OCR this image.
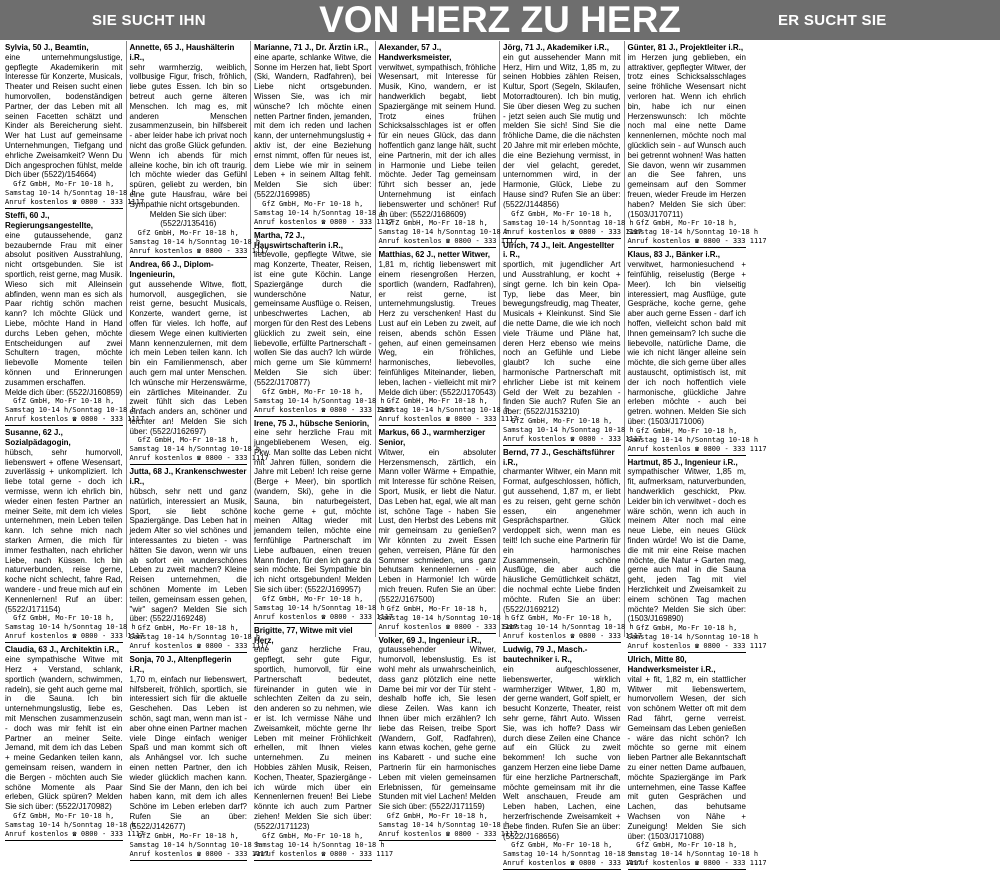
SIE SUCHT IHN	VON HERZ ZU HERZ	ER SUCHT SIE
Sylvia, 50 J., Beamtin,
eine unternehmungslustige, gepflegte Akademikerin mit Interesse für Konzerte, Musicals, Theater und Reisen sucht einen humorvollen, bodenständigen Partner, der das Leben mit all seinen Facetten schätzt und Kinder als Bereicherung sieht. Wer hat Lust auf gemeinsame Unternehmungen, Tiefgang und ehrliche Zweisamkeit? Wenn Du Dich angesprochen fühlst, melde Dich über (5522)/154664)
GfZ GmbH, Mo-Fr 10-18 h,
Samstag 10-14 h/Sonntag 10-18 h
Anruf kostenlos ☎ 0800 - 333 1117
Steffi, 60 J., Regierungsangestellte,
eine gutaussehende, ganz bezaubernde Frau mit einer absolut positiven Ausstrahlung, nicht ortsgebunden. Sie ist sportlich, reist gerne, mag Musik. Wieso sich mit Alleinsein abfinden, wenn man es sich als Paar richtig schön machen kann? Ich möchte Glück und Liebe, möchte Hand in Hand durchs Leben gehen, möchte Entscheidungen auf zwei Schultern tragen, möchte liebevolle Momente teilen können und Erinnerungen zusammen erschaffen.
Melde dich über: (5522/J160859)
GfZ GmbH, Mo-Fr 10-18 h,
Samstag 10-14 h/Sonntag 10-18 h
Anruf kostenlos ☎ 0800 - 333 1117
Susanne, 62 J., Sozialpädagogin,
hübsch, sehr humorvoll, liebenswert + offene Wesensart, zuverlässig + unkompliziert. Ich liebe total gerne - doch ich vermisse, wenn ich ehrlich bin, wieder einen festen Partner an meiner Seite, mit dem ich vieles unternehmen, mein Leben teilen kann. Ich sehne mich nach starken Armen, die mich für immer festhalten, nach ehrlicher Liebe, nach Küssen. Ich bin naturverbunden, reise gerne, koche nicht schlecht, fahre Rad, wandere - und freue mich auf ein Kennenlernen! Ruf an über: (5522/J171154)
GfZ GmbH, Mo-Fr 10-18 h,
Samstag 10-14 h/Sonntag 10-18 h
Anruf kostenlos ☎ 0800 - 333 1117
Claudia, 63 J., Architektin i.R.,
eine sympathische Witwe mit Herz + Verstand, schlank, sportlich (wandern, schwimmen, radeln), sie geht auch gerne mal in die Sauna. Ich bin unternehmungslustig, liebe es, mit Menschen zusammenzusein - doch was mir fehlt ist ein Partner an meiner Seite. Jemand, mit dem ich das Leben + meine Gedanken teilen kann, gemeinsam reisen, wandern in die Bergen - möchten auch Sie schöne Momente als Paar erleben, Glück spüren? Melden Sie sich über: (5522/J170982)
GfZ GmbH, Mo-Fr 10-18 h,
Samstag 10-14 h/Sonntag 10-18 h
Anruf kostenlos ☎ 0800 - 333 1117
Annette, 65 J., Haushälterin i.R.,
sehr warmherzig, weiblich, vollbusige Figur, frisch, fröhlich, liebe gutes Essen. Ich bin so betreut auch gerne älteren Menschen. Ich mag es, mit anderen Menschen zusammenzusein, bin hilfsbereit - aber leider habe ich privat noch nicht das große Glück gefunden. Wenn ich abends für mich alleine koche, bin ich oft traurig. Ich möchte wieder das Gefühl spüren, geliebt zu werden, bin eine gute Hausfrau, wäre bei Sympathie nicht ortsgebunden.
Melden Sie sich über: (5522/J135416)
GfZ GmbH, Mo-Fr 10-18 h,
Samstag 10-14 h/Sonntag 10-18 h
Anruf kostenlos ☎ 0800 - 333 1117
Andrea, 66 J., Diplom-Ingenieurin,
gut aussehende Witwe, flott, humorvoll, ausgeglichen, sie reist gerne, besucht Musicals, Konzerte, wandert gerne, ist offen für vieles. Ich hoffe, auf diesem Wege einen kultivierten Mann kennenzulernen, mit dem ich mein Leben teilen kann. Ich bin ein Familienmensch, aber auch gern mal unter Menschen. Ich wünsche mir Herzenswärme, ein zärtliches Miteinander. Zu zweit fühlt sich das Leben einfach anders an, schöner und leichter an! Melden Sie sich über: (5522/J162697)
GfZ GmbH, Mo-Fr 10-18 h,
Samstag 10-14 h/Sonntag 10-18 h
Anruf kostenlos ☎ 0800 - 333 1117
Jutta, 68 J., Krankenschwester i.R.,
hübsch, sehr nett und ganz natürlich, interessiert an Musik, Sport, sie liebt schöne Spaziergänge. Das Leben hat in jedem Alter so viel schönes und interessantes zu bieten - was hätten Sie davon, wenn wir uns ab sofort ein wunderschönes Leben zu zweit machen? Kleine Reisen unternehmen, die schönen Momente im Leben teilen, gemeinsam essen gehen, "wir" sagen? Melden Sie sich über: (5522/J169248)
GfZ GmbH, Mo-Fr 10-18 h,
Samstag 10-14 h/Sonntag 10-18 h
Anruf kostenlos ☎ 0800 - 333 1117
Sonja, 70 J., Altenpflegerin i.R.,
1,70 m, einfach nur liebenswert, hilfsbereit, fröhlich, sportlich, sie interessiert sich für die aktuelle Geschehen. Das Leben ist schön, sagt man, wenn man ist - aber ohne einen Partner machen viele Dinge einfach weniger Spaß und man kommt sich oft als Anhängsel vor. Ich suche einen netten Partner, den ich wieder glücklich machen kann. Sind Sie der Mann, den ich bei haben kann, mit dem ich alles Schöne im Leben erleben darf? Rufen Sie an über: (5522/J142677)
GfZ GmbH, Mo-Fr 10-18 h,
Samstag 10-14 h/Sonntag 10-18 h
Anruf kostenlos ☎ 0800 - 333 1117
Marianne, 71 J., Dr. Ärztin i.R.,
eine aparte, schlanke Witwe, die Sonne im Herzen hat, liebt Sport (Ski, Wandern, Radfahren), bei Liebe nicht ortsgebunden. Wissen Sie, was ich mir wünsche? Ich möchte einen netten Partner finden, jemanden, mit dem ich reden und lachen kann, der unternehmungslustig + aktiv ist, der eine Beziehung ernst nimmt, offen für neues ist, dem Liebe wie mir in seinem Leben + in seinem Alltag fehlt. Melden Sie sich über: (5522/J169985)
GfZ GmbH, Mo-Fr 10-18 h,
Samstag 10-14 h/Sonntag 10-18 h
Anruf kostenlos ☎ 0800 - 333 1117
Martha, 72 J., Hauswirtschafterin i.R.,
liebevolle, gepflegte Witwe, sie mag Konzerte, Theater, Reisen, ist eine gute Köchin. Lange Spaziergänge durch die wunderschöne Natur, gemeinsame Ausflüge o. Reisen, unbeschwertes Lachen, ab morgen für den Rest des Lebens glücklich zu zweit sein, eine liebevolle, erfüllte Partnerschaft - wollen Sie das auch? Ich würde mich gerne um Sie kümmern! Melden Sie sich über: (5522/J170877)
GfZ GmbH, Mo-Fr 10-18 h,
Samstag 10-14 h/Sonntag 10-18 h
Anruf kostenlos ☎ 0800 - 333 1117
Irene, 75 J., hübsche Seniorin,
eine sehr herzliche Frau mit jungebliebenem Wesen, eig. Pkw. Man sollte das Leben nicht mit Jahren füllen, sondern die Jahre mit Leben! Ich reise gerne (Berge + Meer), bin sportlich (wandern, Ski), gehe in die Sauna, bin naturbegeistert, koche gerne + gut, möchte meinen Alltag wieder mit jemandem teilen, möchte eine fernfühlige Partnerschaft im Liebe aufbauen, einen treuen Mann finden, für den ich ganz da sein möchte. Bei Sympathie bin ich nicht ortsgebunden! Melden Sie sich über: (5522/J169957)
GfZ GmbH, Mo-Fr 10-18 h,
Samstag 10-14 h/Sonntag 10-18 h
Anruf kostenlos ☎ 0800 - 333 1117
Brigitte, 77, Witwe mit viel Herz,
eine ganz herzliche Frau, gepflegt, sehr gute Figur, sportlich, humorvoll, für eine Partnerschaft bedeutet, füreinander in guten wie in schlechten Zeiten da zu sein, den anderen so zu nehmen, wie er ist. Ich vermisse Nähe und Zweisamkeit, möchte gerne Ihr Leben mit meiner Fröhlichkeit erhellen, mit Ihnen vieles unternehmen. Zu meinen Hobbies zählen Musik, Reisen, Kochen, Theater, Spaziergänge - ich würde mich über ein Kennenlernen freuen! Bei Liebe könnte ich auch zum Partner ziehen! Melden Sie sich über: (5522/J171123)
GfZ GmbH, Mo-Fr 10-18 h,
Samstag 10-14 h/Sonntag 10-18 h
Anruf kostenlos ☎ 0800 - 333 1117
Alexander, 57 J., Handwerksmeister,
verwitwet, sympathisch, fröhliche Wesensart, mit Interesse für Musik, Kino, wandern, er ist handwerklich begabt, liebt Spaziergänge mit seinem Hund. Trotz eines frühen Schicksalsschlages ist er offen für ein neues Glück, das dann hoffentlich ganz lange hält, sucht eine Partnerin, mit der ich alles in Harmonie und Liebe teilen möchte. Jeder Tag gemeinsam führt sich besser an, jede Unternehmung ist einfach liebenswerter und schöner! Ruf an über: (5522/J168609)
GfZ GmbH, Mo-Fr 10-18 h,
Samstag 10-14 h/Sonntag 10-18 h
Anruf kostenlos ☎ 0800 - 333 1117
Matthias, 62 J., netter Witwer,
1,81 m, richtig liebenswert mit einem riesengroßen Herzen, sportlich (wandern, Radfahren), er reist gerne, ist unternehmungslustig. Treues Herz zu verschenken! Hast du Lust auf ein Leben zu zweit, auf reisen, abends schön Essen gehen, auf einen gemeinsamen Weg, ein fröhliches, harmonisches, liebevolles, feinfühliges Miteinander, lieben, leben, lachen - vielleicht mit mir? Melde dich über: (5522/J170543)
GfZ GmbH, Mo-Fr 10-18 h,
Samstag 10-14 h/Sonntag 10-18 h
Anruf kostenlos ☎ 0800 - 333 1117
Markus, 66 J., warmherziger Senior,
Witwer, ein absoluter Herzensmensch, zärtlich, ein Mann voller Wärme + Empathie, mit Interesse für schöne Reisen, Sport, Musik, er liebt die Natur. Das Leben hat, egal, wie alt man ist, schöne Tage - haben Sie Lust, den Herbst des Lebens mit mir gemeinsam zu genießen? Wir könnten zu zweit Essen gehen, verreisen, Pläne für den Sommer schmieden, uns ganz behutsam kennenlernen - ein Leben in Harmonie! Ich würde mich freuen. Rufen Sie an über: (5522/J167500)
GfZ GmbH, Mo-Fr 10-18 h,
Samstag 10-14 h/Sonntag 10-18 h
Anruf kostenlos ☎ 0800 - 333 1117
Volker, 69 J., Ingenieur i.R.,
gutaussehender Witwer, humorvoll, lebenslustig. Es ist wohl mehr als unwahrscheinlich, dass ganz plötzlich eine nette Dame bei mir vor der Tür steht - deshalb hoffe ich, Sie lesen diese Zeilen. Was kann ich Ihnen über mich erzählen? Ich liebe das Reisen, treibe Sport (Wandern, Golf, Radfahren), kann etwas kochen, gehe gerne ins Kabarett - und suche eine Partnerin für ein harmonisches Leben mit vielen gemeinsamen Erlebnissen, für gemeinsame Stunden mit viel Lachen! Melden Sie sich über: (5522/J171159)
GfZ GmbH, Mo-Fr 10-18 h,
Samstag 10-14 h/Sonntag 10-18 h
Anruf kostenlos ☎ 0800 - 333 1117
Jörg, 71 J., Akademiker i.R.,
ein gut aussehender Mann mit Herz, Hirn und Witz, 1,85 m, zu seinen Hobbies zählen Reisen, Kultur, Sport (Segeln, Skilaufen, Motorradtouren). Ich bin mutig, Sie über diesen Weg zu suchen - jetzt seien auch Sie mutig und melden Sie sich! Sind Sie die fröhliche Dame, die die nächsten 20 Jahre mit mir erleben möchte, die eine Beziehung vermisst, in der viel gelacht, geredet, unternommen wird, in der Harmonie, Glück, Liebe zu Hause sind? Rufen Sie an über: (5522/J144856)
GfZ GmbH, Mo-Fr 10-18 h,
Samstag 10-14 h/Sonntag 10-18 h
Anruf kostenlos ☎ 0800 - 333 1117
Ulrich, 74 J., leit. Angestellter i. R.,
sportlich, mit jugendlicher Art und Ausstrahlung, er kocht + singt gerne. Ich bin kein Opa-Typ, liebe das Meer, bin bewegungsfreudig, mag Theater, Musicals + Kleinkunst. Sind Sie die nette Dame, die wie ich noch viele Träume und Pläne hat, deren Herz ebenso wie meins noch an Gefühle und Liebe glaubt? Ich suche eine harmonische Partnerschaft mit ehrlicher Liebe ist mit keinem Geld der Welt zu bezahlen - finden Sie auch? Rufen Sie an über: (5522/J153210)
GfZ GmbH, Mo-Fr 10-18 h,
Samstag 10-14 h/Sonntag 10-18 h
Anruf kostenlos ☎ 0800 - 333 1117
Bernd, 77 J., Geschäftsführer i.R.,
charmanter Witwer, ein Mann mit Format, aufgeschlossen, höflich, gut aussehend, 1,87 m, er liebt es zu reisen, geht gerne schön essen, ein angenehmer Gesprächspartner. Glück verdoppelt sich, wenn man es teilt! Ich suche eine Partnerin für ein harmonisches Zusammensein, schöne Ausflüge, die aber auch die häusliche Gemütlichkeit schätzt, die nochmal echte Liebe finden möchte. Rufen Sie an über: (5522/J169212)
GfZ GmbH, Mo-Fr 10-18 h,
Samstag 10-14 h/Sonntag 10-18 h
Anruf kostenlos ☎ 0800 - 333 1117
Ludwig, 79 J., Masch.-bautechniker i. R.,
ein aufgeschlossener, liebenswerter, wirklich warmherziger Witwer, 1,80 m, der gerne wandert, Golf spielt, er besucht Konzerte, Theater, reist sehr gerne, fährt Auto. Wissen Sie, was ich hoffe? Dass wir durch diese Zeilen eine Chance auf ein Glück zu zweit bekommen! Ich suche von ganzem Herzen eine liebe Dame für eine herzliche Partnerschaft, möchte gemeinsam mit ihr die Welt anschauen, Freude am Leben haben, Lachen, eine herzerfrischende Zweisamkeit + Liebe finden. Rufen Sie an über: (5522/J168656)
GfZ GmbH, Mo-Fr 10-18 h,
Samstag 10-14 h/Sonntag 10-18 h
Anruf kostenlos ☎ 0800 - 333 1117
Günter, 81 J., Projektleiter i.R.,
im Herzen jung geblieben, ein attraktiver, gepflegter Witwer, der trotz eines Schicksalsschlages seine fröhliche Wesensart nicht verloren hat. Wenn ich ehrlich bin, habe ich nur einen Herzenswunsch: Ich möchte noch mal eine nette Dame kennenlernen, möchte noch mal glücklich sein - auf Wunsch auch bei getrennt wohnen! Was hatten Sie davon, wenn wir zusammen an die See fahren, uns gemeinsam auf den Sommer freuen, wieder Freude im Herzen haben? Melden Sie sich über: (1503/J170711)
GfZ GmbH, Mo-Fr 10-18 h,
Samstag 10-14 h/Sonntag 10-18 h
Anruf kostenlos ☎ 0800 - 333 1117
Klaus, 83 J., Bänker i.R.,
verwitwet, harmoniesuchend + feinfühlig, reiselustig (Berge + Meer). Ich bin vielseitig interessiert, mag Ausflüge, gute Gespräche, koche gerne, gehe aber auch gerne Essen - darf ich hoffen, vielleicht schon bald mit Ihnen gemeinsam? Ich suche die liebevolle, natürliche Dame, die wie ich nicht länger alleine sein möchte, die sich gerne über alles austauscht, optimistisch ist, mit der ich noch hoffentlich viele harmonische, glückliche Jahre erleben möchte - auch bei getren. wohnen. Melden Sie sich über: (1503/J171006)
GfZ GmbH, Mo-Fr 10-18 h,
Samstag 10-14 h/Sonntag 10-18 h
Anruf kostenlos ☎ 0800 - 333 1117
Hartmut, 85 J., Ingenieur i.R.,
sympathischer Witwer, 1,85 m, fit, aufmerksam, naturverbunden, handwerklich geschickt, Pkw. Leider bin ich verwitwet - doch es wäre schön, wenn ich auch in meinem Alter noch mal eine neue Liebe, ein neues Glück finden würde! Wo ist die Dame, die mit mir eine Reise machen möchte, die Natur + Garten mag, gerne auch mal in die Sauna geht, jeden Tag mit viel Herzlichkeit und Zweisamkeit zu einem schönen Tag machen möchte? Melden Sie sich über: (1503/J169890)
GfZ GmbH, Mo-Fr 10-18 h,
Samstag 10-14 h/Sonntag 10-18 h
Anruf kostenlos ☎ 0800 - 333 1117
Ulrich, Mitte 80, Handwerksmeister i.R.,
vital + fit, 1,82 m, ein stattlicher Witwer mit liebenswertem, humorvollem Wesen, der sich von schönem Wetter oft mit dem Rad fährt, gerne verreist. Gemeinsam das Leben genießen - wäre das nicht schön? Ich möchte so gerne mit einem lieben Partner alle Bekanntschaft zu einer netten Dame aufbauen, möchte Spaziergänge im Park unternehmen, eine Tasse Kaffee mit guten Gesprächen und Lachen, das behutsame Wachsen von Nähe + Zuneigung! Melden Sie sich über: (1503/J171088)
GfZ GmbH, Mo-Fr 10-18 h,
Samstag 10-14 h/Sonntag 10-18 h
Anruf kostenlos ☎ 0800 - 333 1117
